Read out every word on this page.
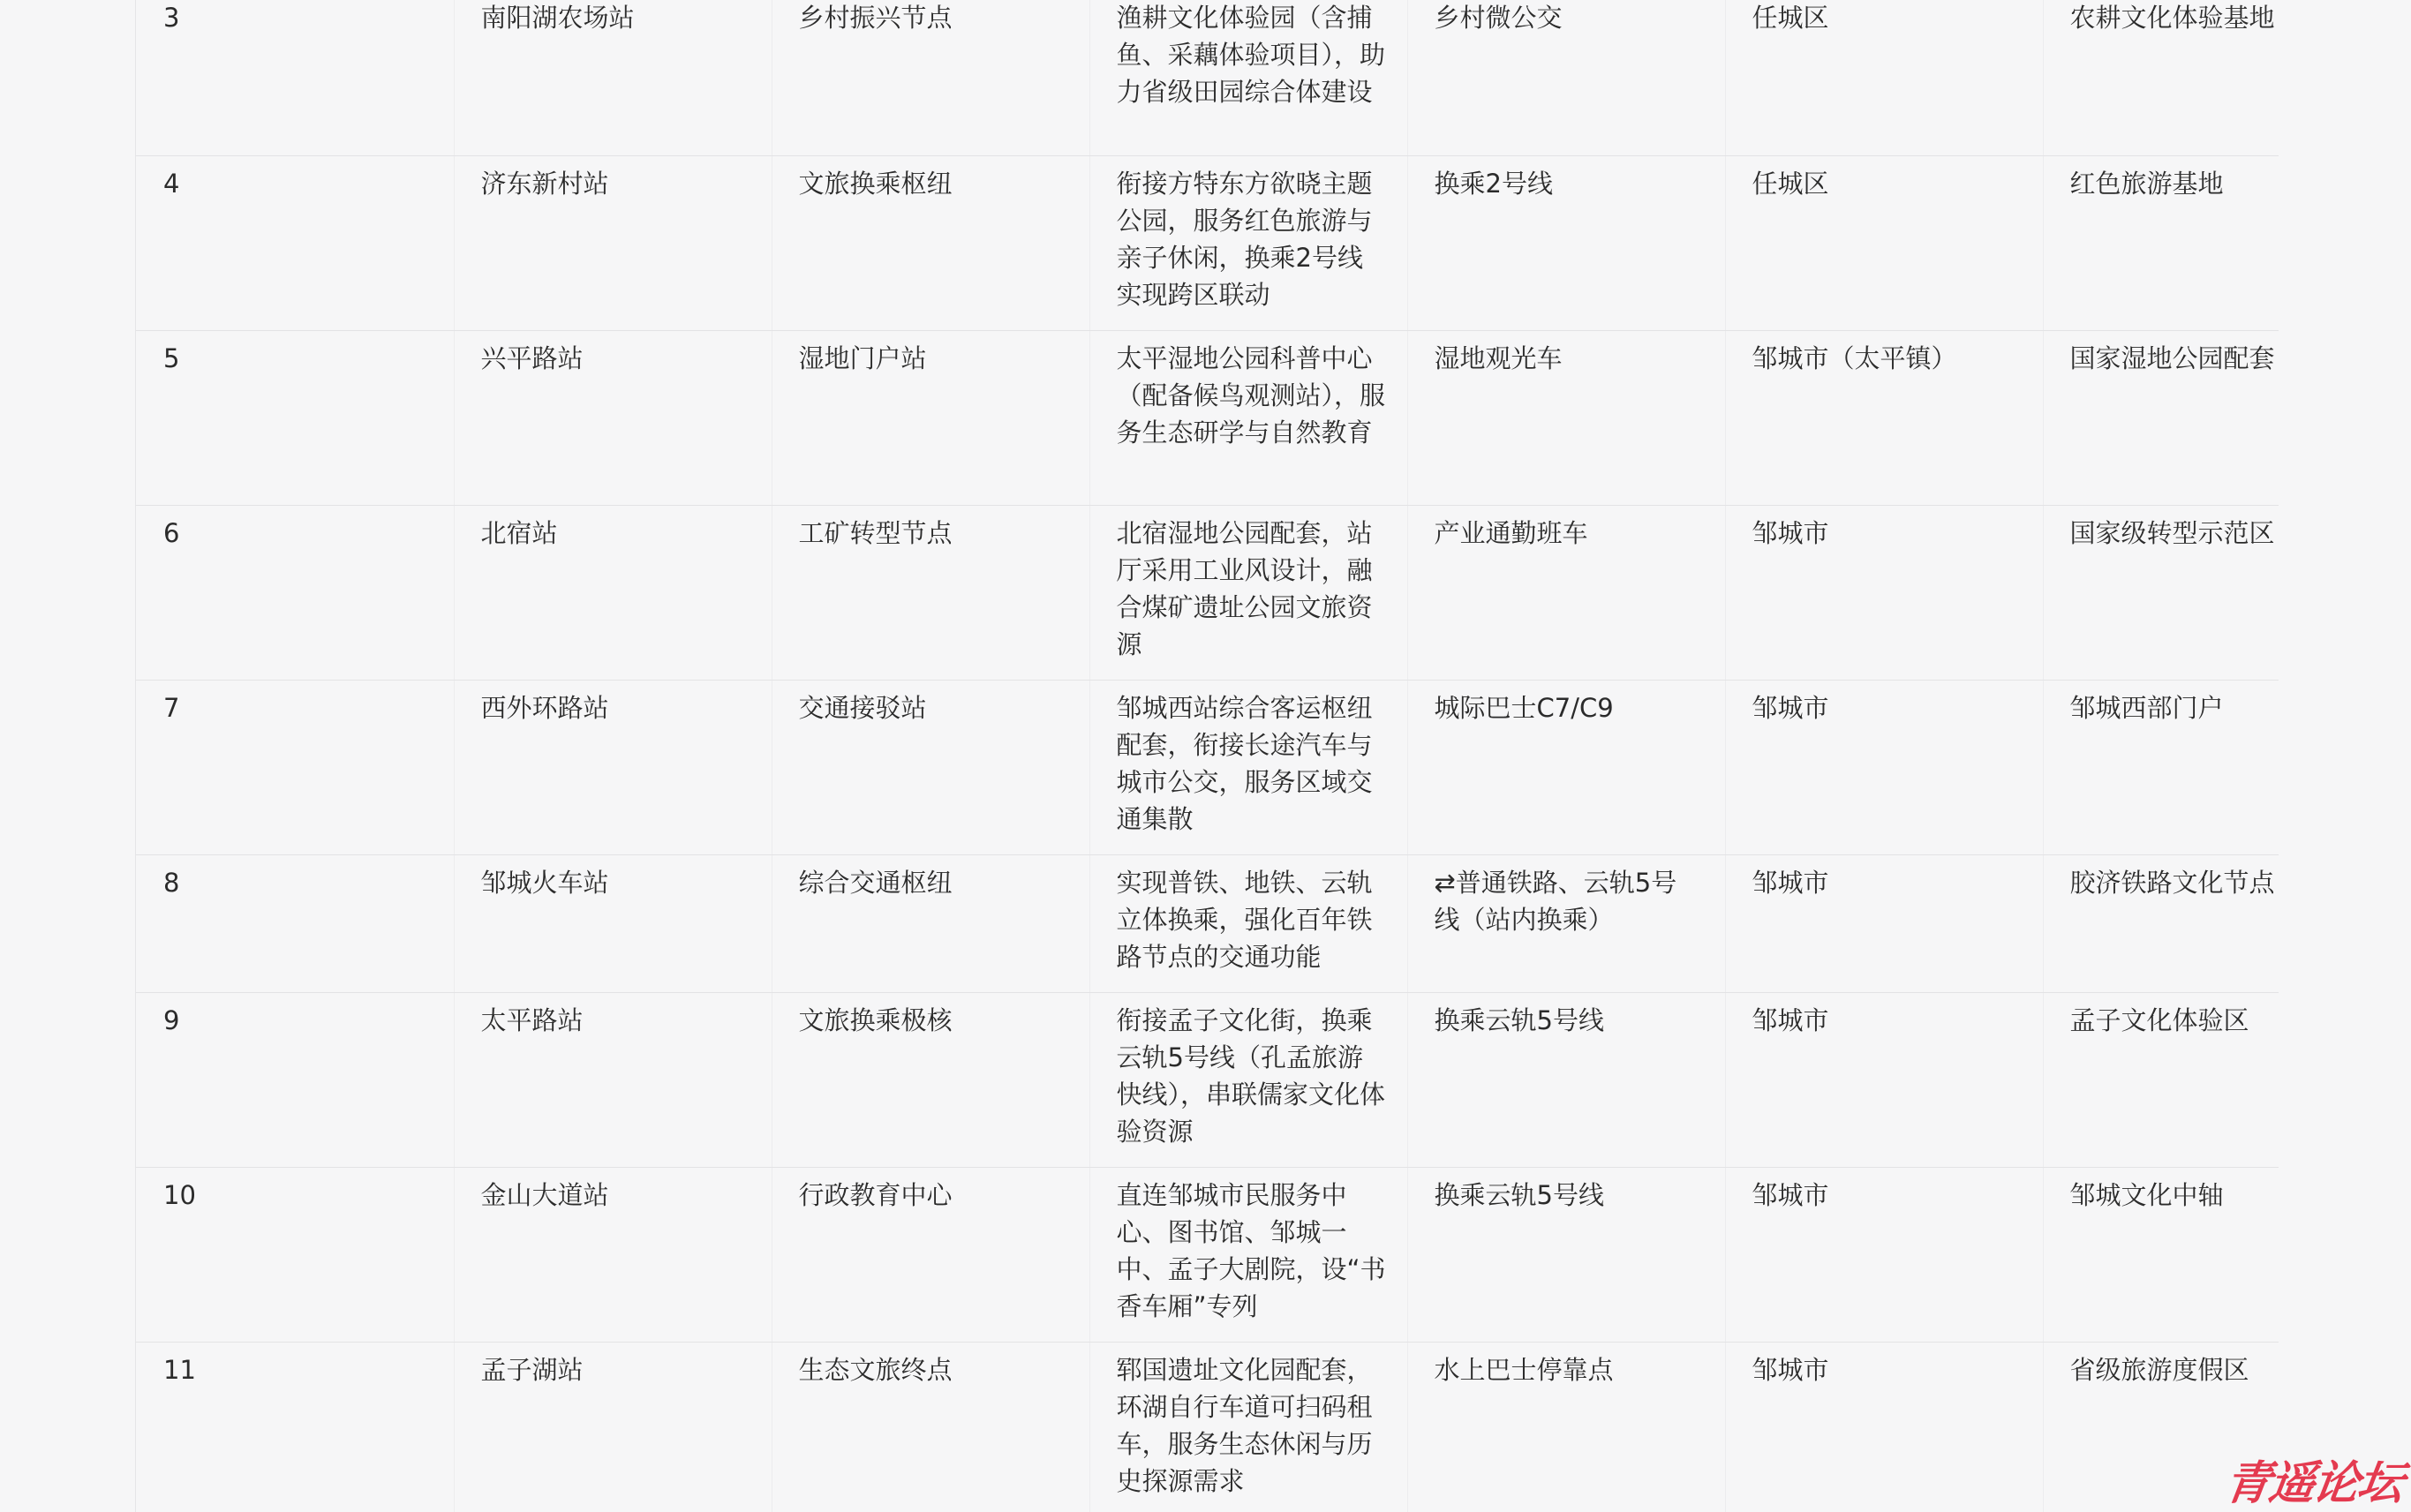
3	南阳湖农场站	乡村振兴节点	渔耕文化体验园（含捕鱼、采藕体验项目），助力省级田园综合体建设	乡村微公交	任城区	农耕文化体验基地
4	济东新村站	文旅换乘枢纽	衔接方特东方欲晓主题公园，服务红色旅游与亲子休闲，换乘2号线实现跨区联动	换乘2号线	任城区	红色旅游基地
5	兴平路站	湿地门户站	太平湿地公园科普中心（配备候鸟观测站），服务生态研学与自然教育	湿地观光车	邹城市（太平镇）	国家湿地公园配套
6	北宿站	工矿转型节点	北宿湿地公园配套，站厅采用工业风设计，融合煤矿遗址公园文旅资源	产业通勤班车	邹城市	国家级转型示范区
7	西外环路站	交通接驳站	邹城西站综合客运枢纽配套，衔接长途汽车与城市公交，服务区域交通集散	城际巴士C7/C9	邹城市	邹城西部门户
8	邹城火车站	综合交通枢纽	实现普铁、地铁、云轨立体换乘，强化百年铁路节点的交通功能	⇄普通铁路、云轨5号线（站内换乘）	邹城市	胶济铁路文化节点
9	太平路站	文旅换乘极核	衔接孟子文化街，换乘云轨5号线（孔孟旅游快线），串联儒家文化体验资源	换乘云轨5号线	邹城市	孟子文化体验区
10	金山大道站	行政教育中心	直连邹城市民服务中心、图书馆、邹城一中、孟子大剧院，设“书香车厢”专列	换乘云轨5号线	邹城市	邹城文化中轴
11	孟子湖站	生态文旅终点	郓国遗址文化园配套，环湖自行车道可扫码租车，服务生态休闲与历史探源需求	水上巴士停靠点	邹城市	省级旅游度假区
青遥论坛
